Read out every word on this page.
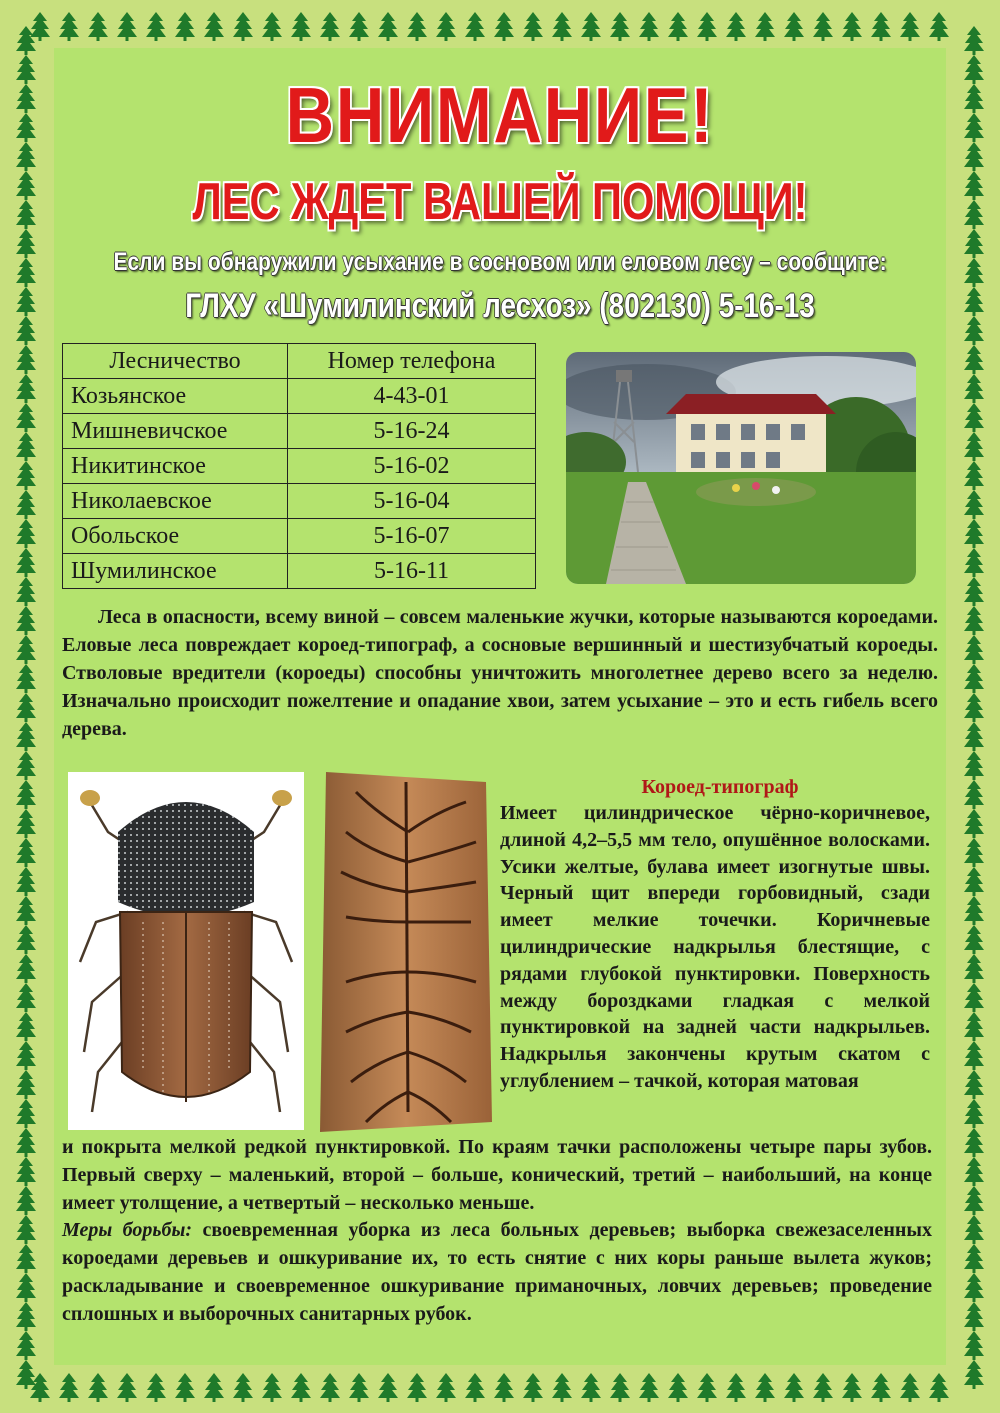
ВНИМАНИЕ!
ЛЕС ЖДЕТ ВАШЕЙ ПОМОЩИ!
Если вы обнаружили усыхание в сосновом или еловом лесу – сообщите:
ГЛХУ «Шумилинский лесхоз» (802130) 5-16-13
Лесничество	Номер телефона
Козьянское	4-43-01
Мишневичское	5-16-24
Никитинское	5-16-02
Николаевское	5-16-04
Обольское	5-16-07
Шумилинское	5-16-11

Леса в опасности, всему виной – совсем маленькие жучки, которые называются короедами. Еловые леса повреждает короед-типограф, а сосновые вершинный и шестизубчатый короеды. Стволовые вредители (короеды) способны уничтожить многолетнее дерево всего за неделю. Изначально происходит пожелтение и опадание хвои, затем усыхание – это и есть гибель всего дерева.

Короед-типограф

Имеет цилиндрическое чёрно-коричневое, длиной 4,2–5,5 мм тело, опушённое волосками. Усики желтые, булава имеет изогнутые швы. Черный щит впереди горбовидный, сзади имеет мелкие точечки. Коричневые цилиндрические надкрылья блестящие, с рядами глубокой пунктировки. Поверхность между бороздками гладкая с мелкой пунктировкой на задней части надкрыльев. Надкрылья закончены крутым скатом с углублением – тачкой, которая матовая

и покрыта мелкой редкой пунктировкой. По краям тачки расположены четыре пары зубов. Первый сверху – маленький, второй – больше, конический, третий – наибольший, на конце имеет утолщение, а четвертый – несколько меньше.

Меры борьбы: своевременная уборка из леса больных деревьев; выборка свежезаселенных короедами деревьев и ошкуривание их, то есть снятие с них коры раньше вылета жуков; раскладывание и своевременное ошкуривание приманочных, ловчих деревьев; проведение сплошных и выборочных санитарных рубок.
